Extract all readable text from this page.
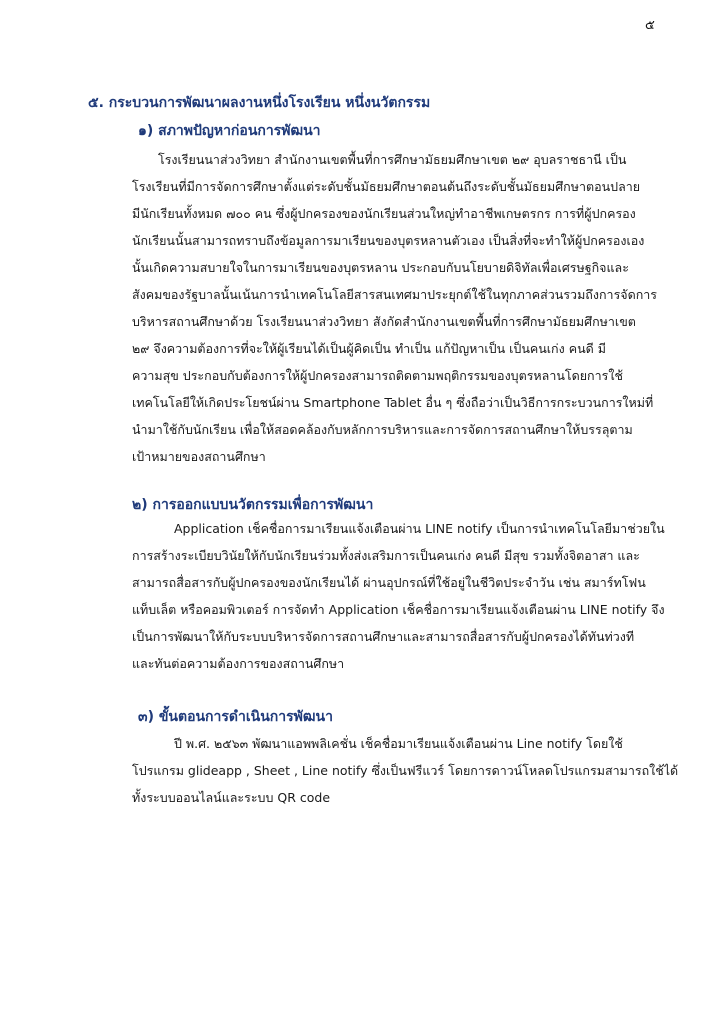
๕
๕. กระบวนการพัฒนาผลงานหนึ่งโรงเรียน หนึ่งนวัตกรรม
๑) สภาพปัญหาก่อนการพัฒนา
โรงเรียนนาส่วงวิทยา สำนักงานเขตพื้นที่การศึกษามัธยมศึกษาเขต ๒๙ อุบลราชธานี เป็น
โรงเรียนที่มีการจัดการศึกษาตั้งแต่ระดับชั้นมัธยมศึกษาตอนต้นถึงระดับชั้นมัธยมศึกษาตอนปลาย
มีนักเรียนทั้งหมด ๗๐๐ คน ซึ่งผู้ปกครองของนักเรียนส่วนใหญ่ทำอาชีพเกษตรกร การที่ผู้ปกครอง
นักเรียนนั้นสามารถทราบถึงข้อมูลการมาเรียนของบุตรหลานตัวเอง เป็นสิ่งที่จะทำให้ผู้ปกครองเอง
นั้นเกิดความสบายใจในการมาเรียนของบุตรหลาน ประกอบกับนโยบายดิจิทัลเพื่อเศรษฐกิจและ
สังคมของรัฐบาลนั้นเน้นการนำเทคโนโลยีสารสนเทศมาประยุกต์ใช้ในทุกภาคส่วนรวมถึงการจัดการ
บริหารสถานศึกษาด้วย โรงเรียนนาส่วงวิทยา สังกัดสำนักงานเขตพื้นที่การศึกษามัธยมศึกษาเขต
๒๙ จึงความต้องการที่จะให้ผู้เรียนได้เป็นผู้คิดเป็น ทำเป็น แก้ปัญหาเป็น เป็นคนเก่ง คนดี มี
ความสุข ประกอบกับต้องการให้ผู้ปกครองสามารถติดตามพฤติกรรมของบุตรหลานโดยการใช้
เทคโนโลยีให้เกิดประโยชน์ผ่าน Smartphone Tablet อื่น ๆ ซึ่งถือว่าเป็นวิธีการกระบวนการใหม่ที่
นำมาใช้กับนักเรียน เพื่อให้สอดคล้องกับหลักการบริหารและการจัดการสถานศึกษาให้บรรลุตาม
เป้าหมายของสถานศึกษา
๒) การออกแบบนวัตกรรมเพื่อการพัฒนา
Application เช็คชื่อการมาเรียนแจ้งเตือนผ่าน LINE notify เป็นการนำเทคโนโลยีมาช่วยใน
การสร้างระเบียบวินัยให้กับนักเรียนร่วมทั้งส่งเสริมการเป็นคนเก่ง คนดี มีสุข รวมทั้งจิตอาสา และ
สามารถสื่อสารกับผู้ปกครองของนักเรียนได้ ผ่านอุปกรณ์ที่ใช้อยู่ในชีวิตประจำวัน เช่น สมาร์ทโฟน
แท็บเล็ต หรือคอมพิวเตอร์ การจัดทำ Application เช็คชื่อการมาเรียนแจ้งเตือนผ่าน LINE notify จึง
เป็นการพัฒนาให้กับระบบบริหารจัดการสถานศึกษาและสามารถสื่อสารกับผู้ปกครองได้ทันท่วงที
และทันต่อความต้องการของสถานศึกษา
๓) ขั้นตอนการดำเนินการพัฒนา
ปี พ.ศ. ๒๕๖๓ พัฒนาแอพพลิเคชั่น เช็คชื่อมาเรียนแจ้งเตือนผ่าน Line notify โดยใช้
โปรแกรม glideapp , Sheet , Line notify ซึ่งเป็นฟรีแวร์ โดยการดาวน์โหลดโปรแกรมสามารถใช้ได้
ทั้งระบบออนไลน์และระบบ QR code
